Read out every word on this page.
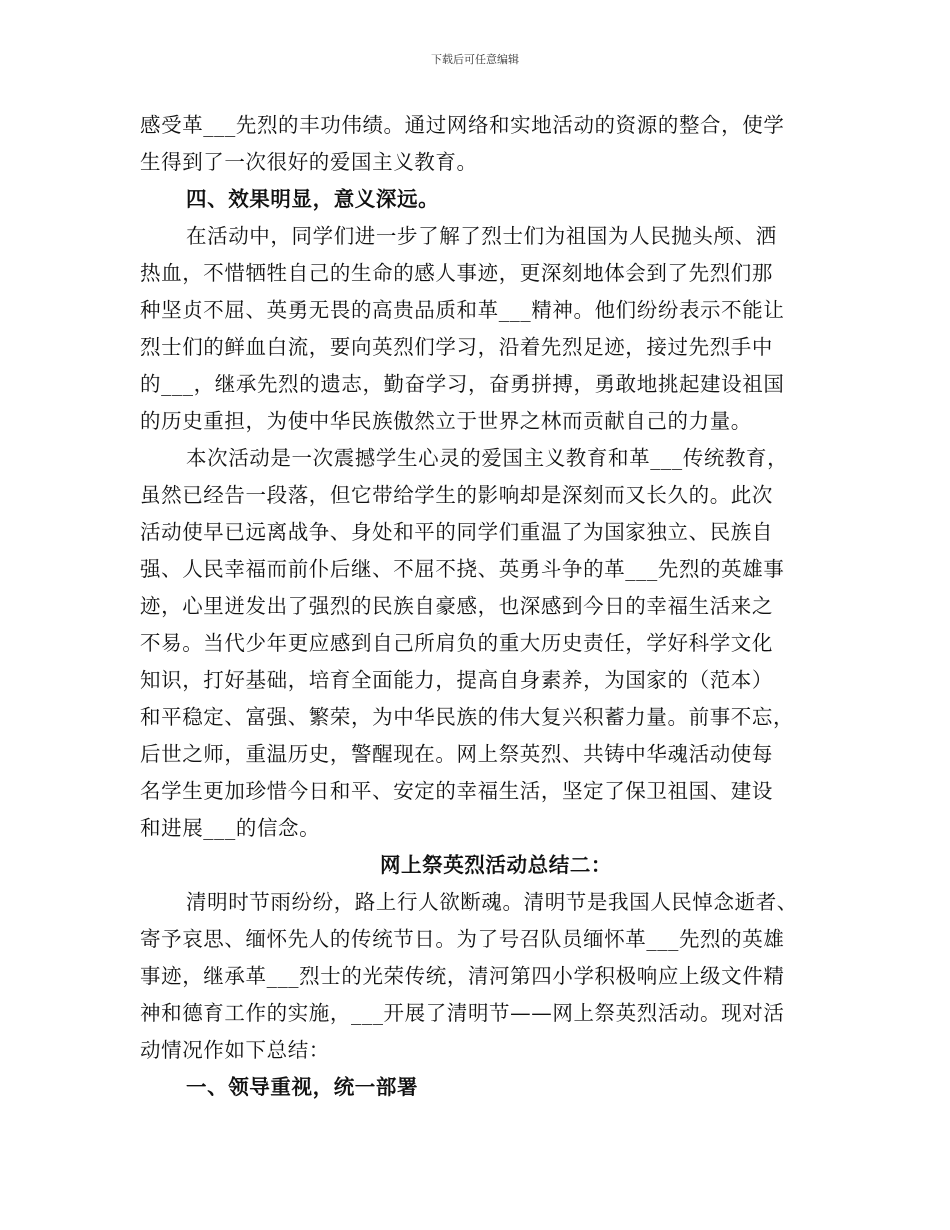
下载后可任意编辑
感受革___先烈的丰功伟绩。通过网络和实地活动的资源的整合，使学
生得到了一次很好的爱国主义教育。
四、效果明显，意义深远。
在活动中，同学们进一步了解了烈士们为祖国为人民抛头颅、洒
热血，不惜牺牲自己的生命的感人事迹，更深刻地体会到了先烈们那
种坚贞不屈、英勇无畏的高贵品质和革___精神。他们纷纷表示不能让
烈士们的鲜血白流，要向英烈们学习，沿着先烈足迹，接过先烈手中
的___，继承先烈的遗志，勤奋学习，奋勇拼搏，勇敢地挑起建设祖国
的历史重担，为使中华民族傲然立于世界之林而贡献自己的力量。
本次活动是一次震撼学生心灵的爱国主义教育和革___传统教育，
虽然已经告一段落，但它带给学生的影响却是深刻而又长久的。此次
活动使早已远离战争、身处和平的同学们重温了为国家独立、民族自
强、人民幸福而前仆后继、不屈不挠、英勇斗争的革___先烈的英雄事
迹，心里迸发出了强烈的民族自豪感，也深感到今日的幸福生活来之
不易。当代少年更应感到自己所肩负的重大历史责任，学好科学文化
知识，打好基础，培育全面能力，提高自身素养，为国家的（范本）
和平稳定、富强、繁荣，为中华民族的伟大复兴积蓄力量。前事不忘，
后世之师，重温历史，警醒现在。网上祭英烈、共铸中华魂活动使每
名学生更加珍惜今日和平、安定的幸福生活，坚定了保卫祖国、建设
和进展___的信念。
网上祭英烈活动总结二：
清明时节雨纷纷，路上行人欲断魂。清明节是我国人民悼念逝者、
寄予哀思、缅怀先人的传统节日。为了号召队员缅怀革___先烈的英雄
事迹，继承革___烈士的光荣传统，清河第四小学积极响应上级文件精
神和德育工作的实施，___开展了清明节——网上祭英烈活动。现对活
动情况作如下总结：
一、领导重视，统一部署
